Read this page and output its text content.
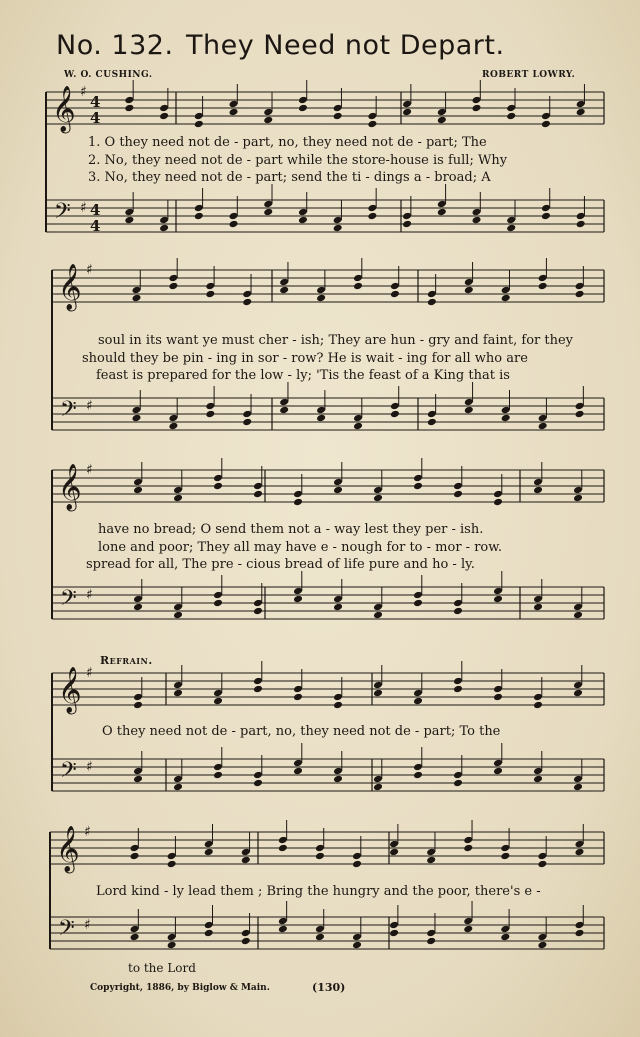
No. 132. They Need not Depart.
W. O. CUSHING.	ROBERT LOWRY.
𝄞
𝄢
♯
♯
4
4
4
4
𝄞
𝄢
♯
♯
𝄞
𝄢
♯
♯
𝄞
𝄢
♯
♯
𝄞
𝄢
♯
♯
1. O they need not de - part, no, they need not de - part; The
2. No, they need not de - part while the store-house is full; Why
3. No, they need not de - part; send the ti - dings a - broad; A
soul in its want ye must cher - ish; They are hun - gry and faint, for they
should they be pin - ing in sor - row? He is wait - ing for all who are
feast is prepared for the low - ly; 'Tis the feast of a King that is
have no bread; O send them not a - way lest they per - ish.
lone and poor; They all may have e - nough for to - mor - row.
spread for all, The pre - cious bread of life pure and ho - ly.
Refrain.
O they need not de - part, no, they need not de - part; To the
Lord kind - ly lead them ; Bring the hungry and the poor, there's e -
to the Lord
Copyright, 1886, by Biglow & Main.	(130)
